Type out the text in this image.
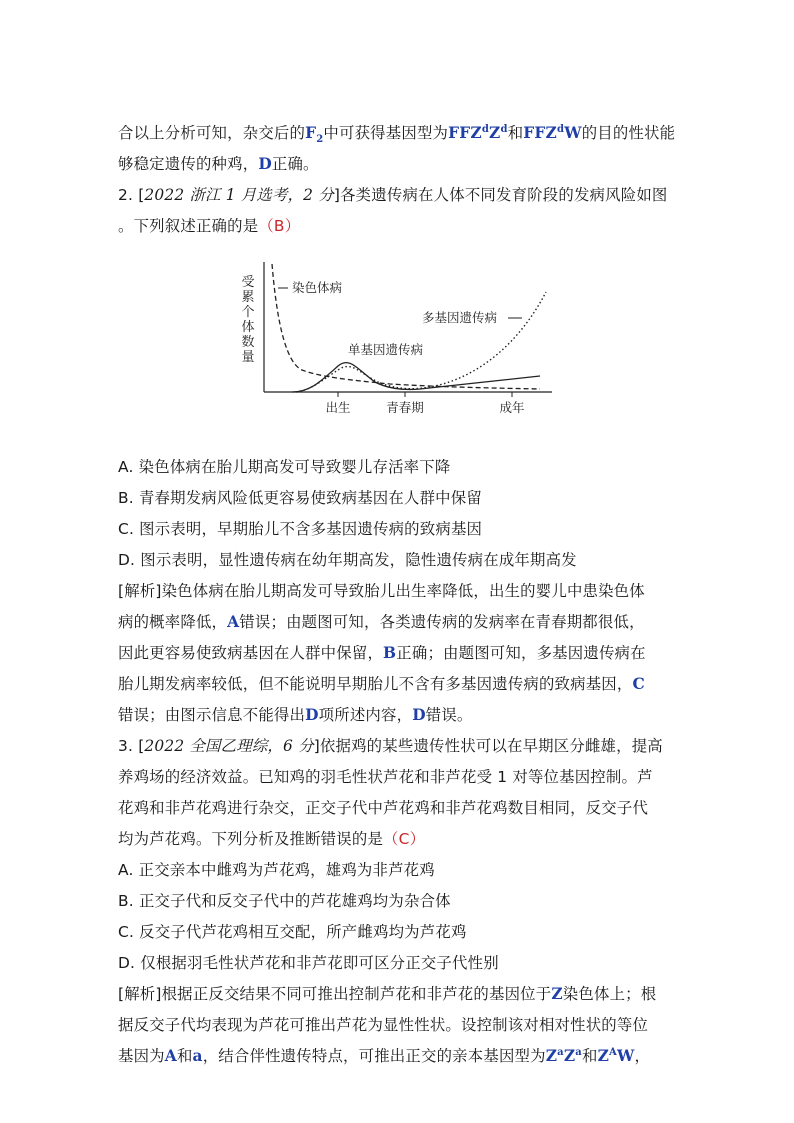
合以上分析可知，杂交后的$F_2$中可获得基因型为$FFZ^dZ^d$和FFZ$^d$W的目的性状能
够稳定遗传的种鸡，D正确。
2. [2022 浙江 1 月选考，2 分]各类遗传病在人体不同发育阶段的发病风险如图
。下列叙述正确的是（B）
受
累
个
体
数
量
出生	青春期	成年
染色体病
单基因遗传病
多基因遗传病
A. 染色体病在胎儿期高发可导致婴儿存活率下降
B. 青春期发病风险低更容易使致病基因在人群中保留
C. 图示表明，早期胎儿不含多基因遗传病的致病基因
D. 图示表明，显性遗传病在幼年期高发，隐性遗传病在成年期高发
[解析]染色体病在胎儿期高发可导致胎儿出生率降低，出生的婴儿中患染色体
病的概率降低，A错误；由题图可知，各类遗传病的发病率在青春期都很低，
因此更容易使致病基因在人群中保留，B正确；由题图可知，多基因遗传病在
胎儿期发病率较低，但不能说明早期胎儿不含有多基因遗传病的致病基因，C
错误；由图示信息不能得出D项所述内容，D错误。
3. [2022 全国乙理综，6 分]依据鸡的某些遗传性状可以在早期区分雌雄，提高
养鸡场的经济效益。已知鸡的羽毛性状芦花和非芦花受 1 对等位基因控制。芦
花鸡和非芦花鸡进行杂交，正交子代中芦花鸡和非芦花鸡数目相同，反交子代
均为芦花鸡。下列分析及推断错误的是（C）
A. 正交亲本中雌鸡为芦花鸡，雄鸡为非芦花鸡
B. 正交子代和反交子代中的芦花雄鸡均为杂合体
C. 反交子代芦花鸡相互交配，所产雌鸡均为芦花鸡
D. 仅根据羽毛性状芦花和非芦花即可区分正交子代性别
[解析]根据正反交结果不同可推出控制芦花和非芦花的基因位于Z染色体上；根
据反交子代均表现为芦花可推出芦花为显性性状。设控制该对相对性状的等位
基因为A和a，结合伴性遗传特点，可推出正交的亲本基因型为$Z^aZ^a$和$Z^AW$，
